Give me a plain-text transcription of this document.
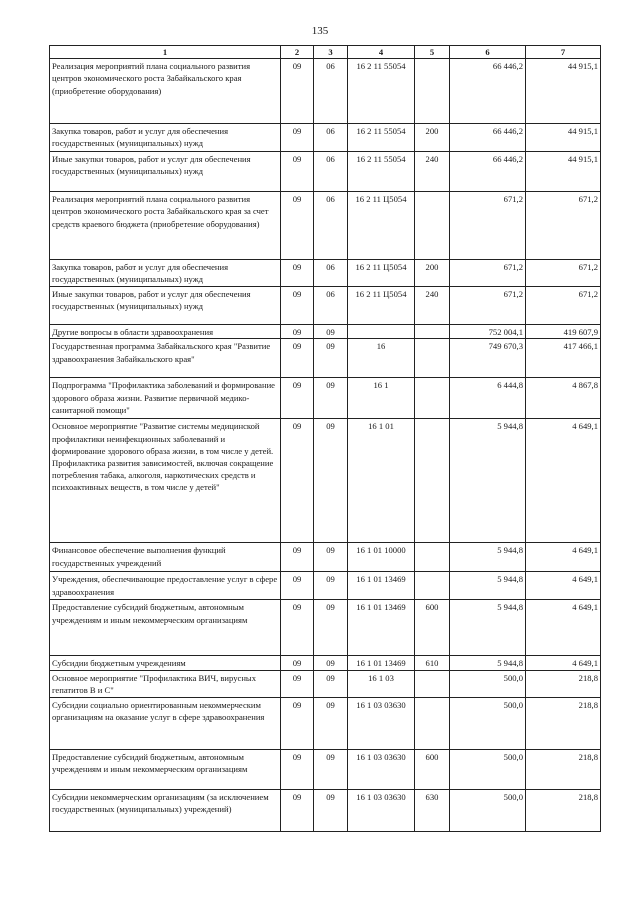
135
1	2	3	4	5	6	7
Реализация мероприятий плана социального развития центров экономического роста Забайкальского края (приобретение оборудования)	09	06	16 2 11 55054		66 446,2	44 915,1
Закупка товаров, работ и услуг для обеспечения государственных (муниципальных) нужд	09	06	16 2 11 55054	200	66 446,2	44 915,1
Иные закупки товаров, работ и услуг для обеспечения государственных (муниципальных) нужд	09	06	16 2 11 55054	240	66 446,2	44 915,1
Реализация мероприятий плана социального развития центров экономического роста Забайкальского края за счет средств краевого бюджета (приобретение оборудования)	09	06	16 2 11 Ц5054		671,2	671,2
Закупка товаров, работ и услуг для обеспечения государственных (муниципальных) нужд	09	06	16 2 11 Ц5054	200	671,2	671,2
Иные закупки товаров, работ и услуг для обеспечения государственных (муниципальных) нужд	09	06	16 2 11 Ц5054	240	671,2	671,2
Другие вопросы в области здравоохранения	09	09			752 004,1	419 607,9
Государственная программа Забайкальского края "Развитие здравоохранения Забайкальского края"	09	09	16		749 670,3	417 466,1
Подпрограмма "Профилактика заболеваний и формирование здорового образа жизни. Развитие первичной медико-санитарной помощи"	09	09	16 1		6 444,8	4 867,8
Основное мероприятие "Развитие системы медицинской профилактики неинфекционных заболеваний и формирование здорового образа жизни, в том числе у детей. Профилактика развития зависимостей, включая сокращение потребления табака, алкоголя, наркотических средств и психоактивных веществ, в том числе у детей"	09	09	16 1 01		5 944,8	4 649,1
Финансовое обеспечение выполнения функций государственных учреждений	09	09	16 1 01 10000		5 944,8	4 649,1
Учреждения, обеспечивающие предоставление услуг в сфере здравоохранения	09	09	16 1 01 13469		5 944,8	4 649,1
Предоставление субсидий бюджетным, автономным учреждениям и иным некоммерческим организациям	09	09	16 1 01 13469	600	5 944,8	4 649,1
Субсидии бюджетным учреждениям	09	09	16 1 01 13469	610	5 944,8	4 649,1
Основное мероприятие "Профилактика ВИЧ, вирусных гепатитов В и С"	09	09	16 1 03		500,0	218,8
Субсидии социально ориентированным некоммерческим организациям на оказание услуг в сфере здравоохранения	09	09	16 1 03 03630		500,0	218,8
Предоставление субсидий бюджетным, автономным учреждениям и иным некоммерческим организациям	09	09	16 1 03 03630	600	500,0	218,8
Субсидии некоммерческим организациям (за исключением государственных (муниципальных) учреждений)	09	09	16 1 03 03630	630	500,0	218,8
